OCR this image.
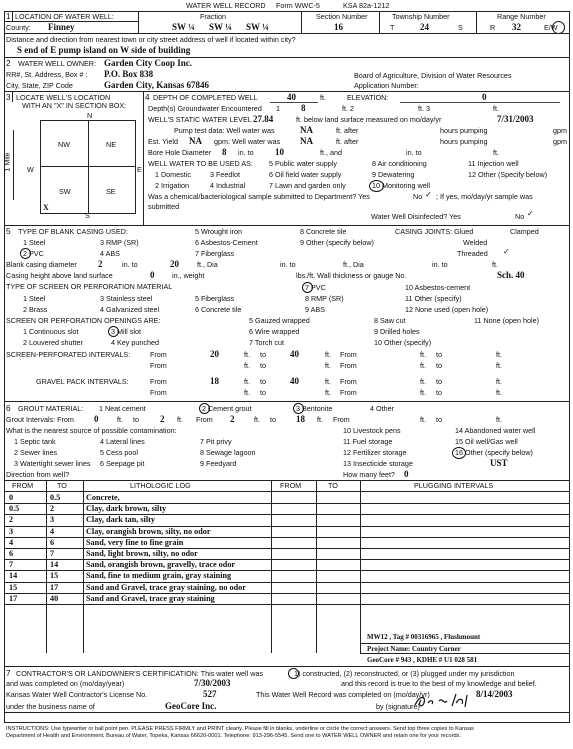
WATER WELL RECORD Form WWC-5	KSA 82a-1212
1 LOCATION OF WATER WELL:
County: Finney
Fraction
SW ¼ SW ¼ SW ¼
Section Number
16
Township Number
T	24	S
Range Number
R 32	E/W
Distance and direction from nearest town or city street address of well if located within city?
S end of E pump island on W side of building
2 WATER WELL OWNER: Garden City Coop Inc.
RR#, St. Address, Box # : P.O. Box 838
City, State, ZIP Code	Garden City, Kansas 67846
Board of Agriculture, Division of Water Resources
Application Number:
3 LOCATE WELL'S LOCATION
WITH AN "X" IN SECTION BOX:
N
W	E
S
1 Mile
NW	NE
SW	SE
X
4 DEPTH OF COMPLETED WELL	40	ft.	ELEVATION:	0
Depth(s) Groundwater Encountered 1 8	ft. 2	ft. 3	ft.
WELL'S STATIC WATER LEVEL 27.84	ft. below land surface measured on mo/day/yr	7/31/2003
Pump test data: Well water was	NA	ft. after	hours pumping	gpm
Est. Yield NA gpm: Well water was NA	ft. after	hours pumping	gpm
Bore Hole Diameter 8 in. to 10	ft., and	in. to	ft.
WELL WATER TO BE USED AS: 5 Public water supply	8 Air conditioning	11 Injection well
1 Domestic	3 Feedlot	6 Oil field water supply	9 Dewatering	12 Other (Specify below)
2 Irrigation	4 Industrial	7 Lawn and garden only	10 Monitoring well
Was a chemical/bacteriological sample submitted to Department? Yes	No ✓ ; If yes, mo/day/yr sample was
submitted
Water Well Disinfected? Yes	No ✓
5 TYPE OF BLANK CASING USED:
1 Steel
2 PVC
3 RMP (SR)
4 ABS
5 Wrought iron
6 Asbestos-Cement
7 Fiberglass
8 Concrete tile
9 Other (specify below)
CASING JOINTS: Glued	Clamped
Welded
Threaded ✓
Blank casing diameter 2	in. to	20	ft., Dia	in. to	ft., Dia	in. to	ft.
Casing height above land surface	0 in., weight	lbs./ft. Wall thickness or gauge No.	Sch. 40
TYPE OF SCREEN OR PERFORATION MATERIAL
1 Steel
2 Brass
3 Stainless steel
4 Galvanized steel
5 Fiberglass
6 Concrete tile
7 PVC
8 RMP (SR)
9 ABS
10 Asbestos-cement
11 Other (specify)
12 None used (open hole)
SCREEN OR PERFORATION OPENINGS ARE:
1 Continuous slot
2 Louvered shutter
3 Mill slot
4 Key punched
5 Gauzed wrapped
6 Wire wrapped
7 Torch cut
8 Saw cut
9 Drilled holes
10 Other (specify)
11 None (open hole)
SCREEN-PERFORATED INTERVALS:	From	20	ft. to	40	ft. From	ft. to	ft.
From	ft. to	ft. From	ft. to	ft.
GRAVEL PACK INTERVALS:	From	18	ft. to	40	ft. From	ft. to	ft.
From	ft. to	ft. From	ft. to	ft.
6 GROUT MATERIAL: 1 Neat cement	2 Cement grout	3 Bentonite	4 Other
Grout Intervals: From 0	ft. to 2 ft. From 2	ft. to 18 ft. From	ft. to	ft.
What is the nearest source of possible contamination:
1 Septic tank
2 Sewer lines
3 Watertight sewer lines
4 Lateral lines
5 Cess pool
6 Seepage pit
7 Pit privy
8 Sewage lagoon
9 Feedyard
10 Livestock pens
11 Fuel storage
12 Fertilizer storage
13 Insecticide storage
14 Abandoned water well
15 Oil well/Gas well
16 Other (specify below)
UST
Direction from well?	How many feet? 0
FROM	TO	LITHOLOGIC LOG	FROM	TO	PLUGGING INTERVALS
0	0.5	Concrete,
0.5	2	Clay, dark brown, silty
2	3	Clay, dark tan, silty
3	4	Clay, orangish brown, silty, no odor
4	6	Sand, very fine to fine grain
6	7	Sand, light brown, silty, no odor
7	14	Sand, orangish brown, gravelly, trace odor
14	15	Sand, fine to medium grain, gray staining
15	17	Sand and Gravel, trace gray staining, no odor
17	40	Sand and Gravel, trace gray staining
MW12 , Tag # 00316965 , Flushmount
Project Name: Country Corner
GeoCore # 943 , KDHE # U1 028 581
7 CONTRACTOR'S OR LANDOWNER'S CERTIFICATION: This water well was	1) constructed, (2) reconstructed, or (3) plugged under my jurisdiction
and was completed on (mo/day/year)	7/30/2003	and this record is true to the best of my knowledge and belief.
Kansas Water Well Contractor's License No.	527	This Water Well Record was completed on (mo/day/yr)	8/14/2003
under the business name of	GeoCore Inc.	by (signature)
INSTRUCTIONS: Use typewriter or ball point pen. PLEASE PRESS FIRMLY and PRINT clearly. Please fill in blanks, underline or circle the correct answers. Send top three copies to Kansas
Department of Health and Environment, Bureau of Water, Topeka, Kansas 66620-0001. Telephone: 913-296-5545. Send one to WATER WELL OWNER and retain one for your records.
